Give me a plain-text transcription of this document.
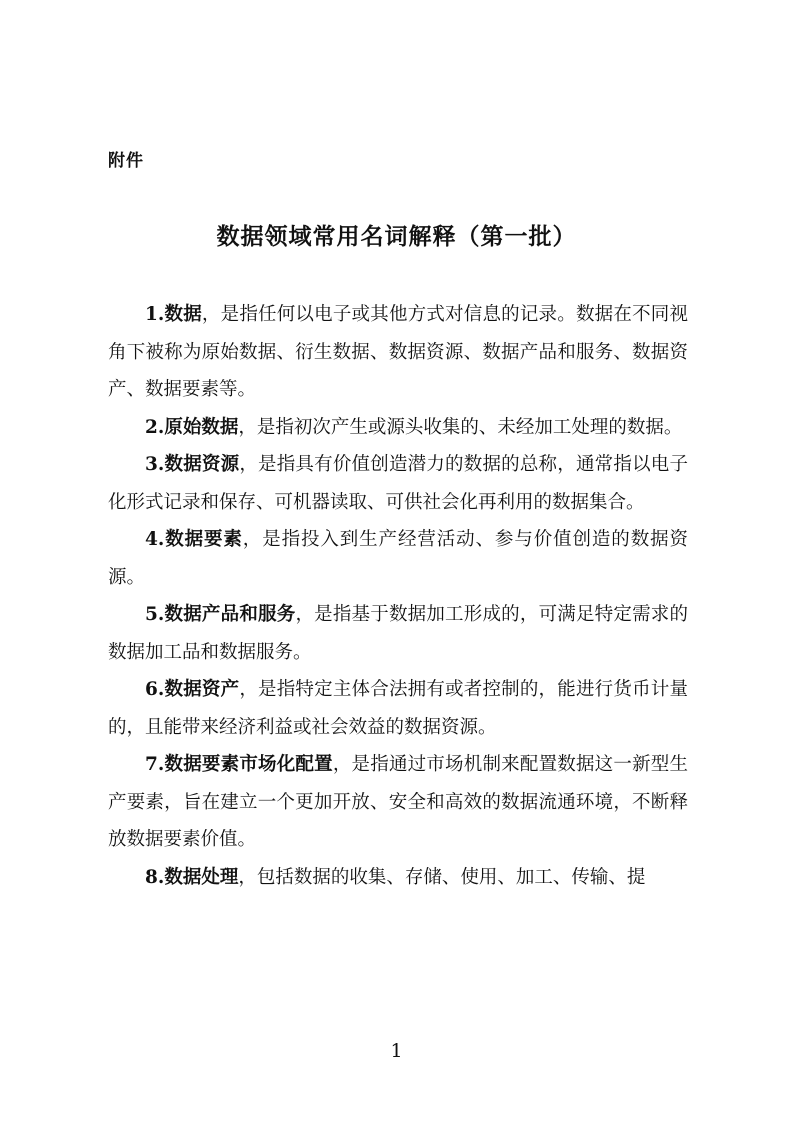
附件
数据领域常用名词解释（第一批）

1.数据，是指任何以电子或其他方式对信息的记录。数据在不同视角下被称为原始数据、衍生数据、数据资源、数据产品和服务、数据资产、数据要素等。

2.原始数据，是指初次产生或源头收集的、未经加工处理的数据。

3.数据资源，是指具有价值创造潜力的数据的总称，通常指以电子化形式记录和保存、可机器读取、可供社会化再利用的数据集合。

4.数据要素，是指投入到生产经营活动、参与价值创造的数据资源。

5.数据产品和服务，是指基于数据加工形成的，可满足特定需求的数据加工品和数据服务。

6.数据资产，是指特定主体合法拥有或者控制的，能进行货币计量的，且能带来经济利益或社会效益的数据资源。

7.数据要素市场化配置，是指通过市场机制来配置数据这一新型生产要素，旨在建立一个更加开放、安全和高效的数据流通环境，不断释放数据要素价值。

8.数据处理，包括数据的收集、存储、使用、加工、传输、提

1
